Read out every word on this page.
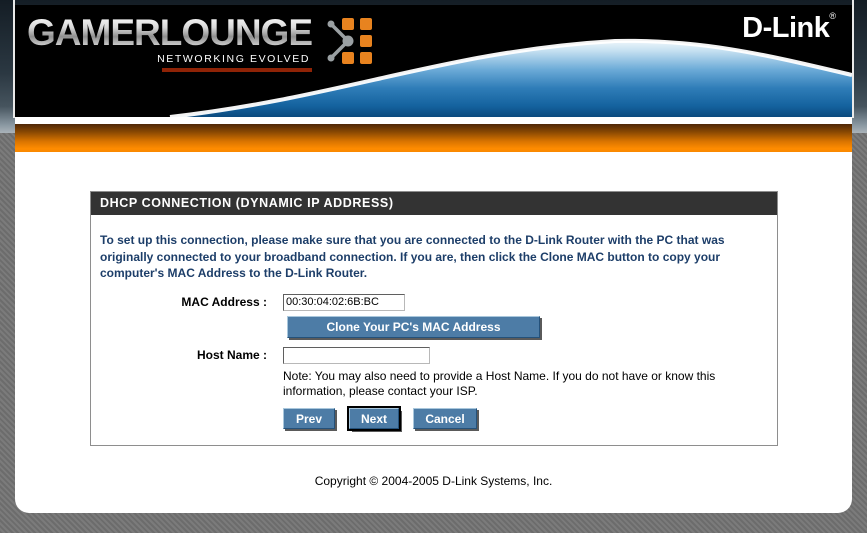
GAMERLOUNGE
NETWORKING EVOLVED
D-Link®
DHCP CONNECTION (DYNAMIC IP ADDRESS)

To set up this connection, please make sure that you are connected to the D-Link Router with the PC that was originally connected to your broadband connection. If you are, then click the Clone MAC button to copy your computer's MAC Address to the D-Link Router.

MAC Address :
00:30:04:02:6B:BC
Clone Your PC's MAC Address
Host Name :

Note: You may also need to provide a Host Name. If you do not have or know this information, please contact your ISP.

Prev	Next	Cancel
Copyright © 2004-2005 D-Link Systems, Inc.
